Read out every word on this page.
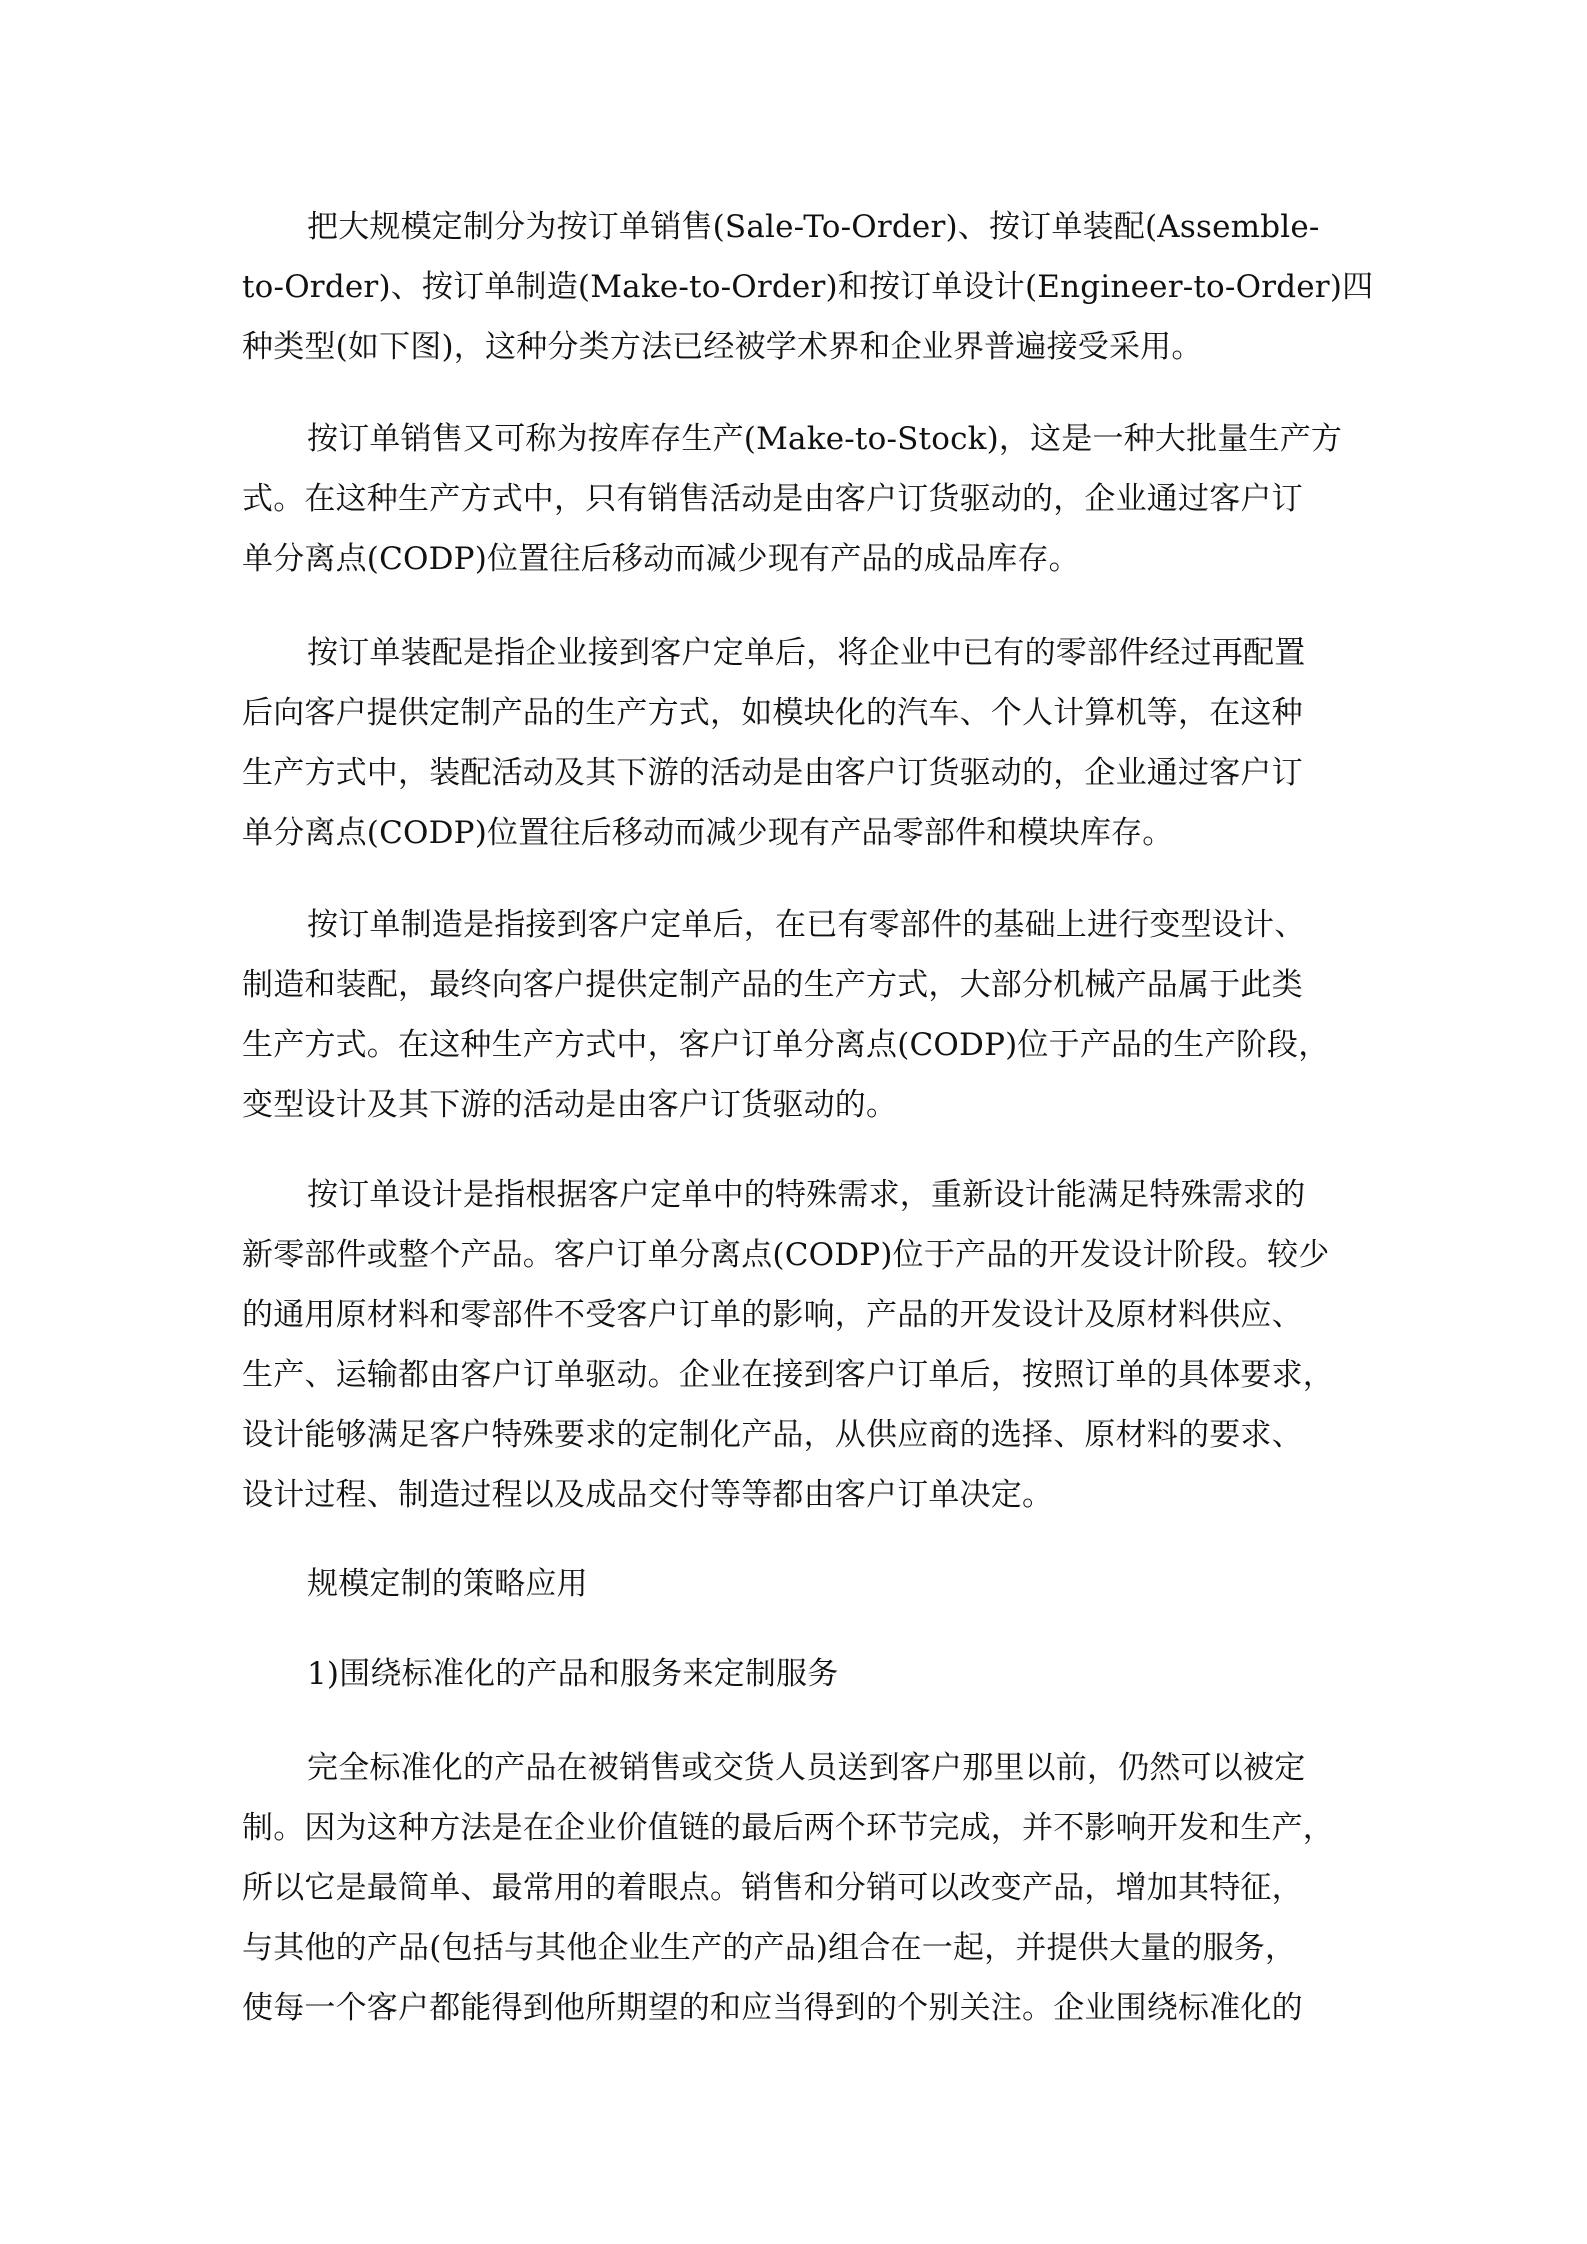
把大规模定制分为按订单销售(Sale-To-Order)、按订单装配(Assemble-
to-Order)、按订单制造(Make-to-Order)和按订单设计(Engineer-to-Order)四
种类型(如下图)，这种分类方法已经被学术界和企业界普遍接受采用。
按订单销售又可称为按库存生产(Make-to-Stock)，这是一种大批量生产方
式。在这种生产方式中，只有销售活动是由客户订货驱动的，企业通过客户订
单分离点(CODP)位置往后移动而减少现有产品的成品库存。
按订单装配是指企业接到客户定单后，将企业中已有的零部件经过再配置
后向客户提供定制产品的生产方式，如模块化的汽车、个人计算机等，在这种
生产方式中，装配活动及其下游的活动是由客户订货驱动的，企业通过客户订
单分离点(CODP)位置往后移动而减少现有产品零部件和模块库存。
按订单制造是指接到客户定单后，在已有零部件的基础上进行变型设计、
制造和装配，最终向客户提供定制产品的生产方式，大部分机械产品属于此类
生产方式。在这种生产方式中，客户订单分离点(CODP)位于产品的生产阶段，
变型设计及其下游的活动是由客户订货驱动的。
按订单设计是指根据客户定单中的特殊需求，重新设计能满足特殊需求的
新零部件或整个产品。客户订单分离点(CODP)位于产品的开发设计阶段。较少
的通用原材料和零部件不受客户订单的影响，产品的开发设计及原材料供应、
生产、运输都由客户订单驱动。企业在接到客户订单后，按照订单的具体要求，
设计能够满足客户特殊要求的定制化产品，从供应商的选择、原材料的要求、
设计过程、制造过程以及成品交付等等都由客户订单决定。
规模定制的策略应用
1)围绕标准化的产品和服务来定制服务
完全标准化的产品在被销售或交货人员送到客户那里以前，仍然可以被定
制。因为这种方法是在企业价值链的最后两个环节完成，并不影响开发和生产，
所以它是最简单、最常用的着眼点。销售和分销可以改变产品，增加其特征，
与其他的产品(包括与其他企业生产的产品)组合在一起，并提供大量的服务，
使每一个客户都能得到他所期望的和应当得到的个别关注。企业围绕标准化的
